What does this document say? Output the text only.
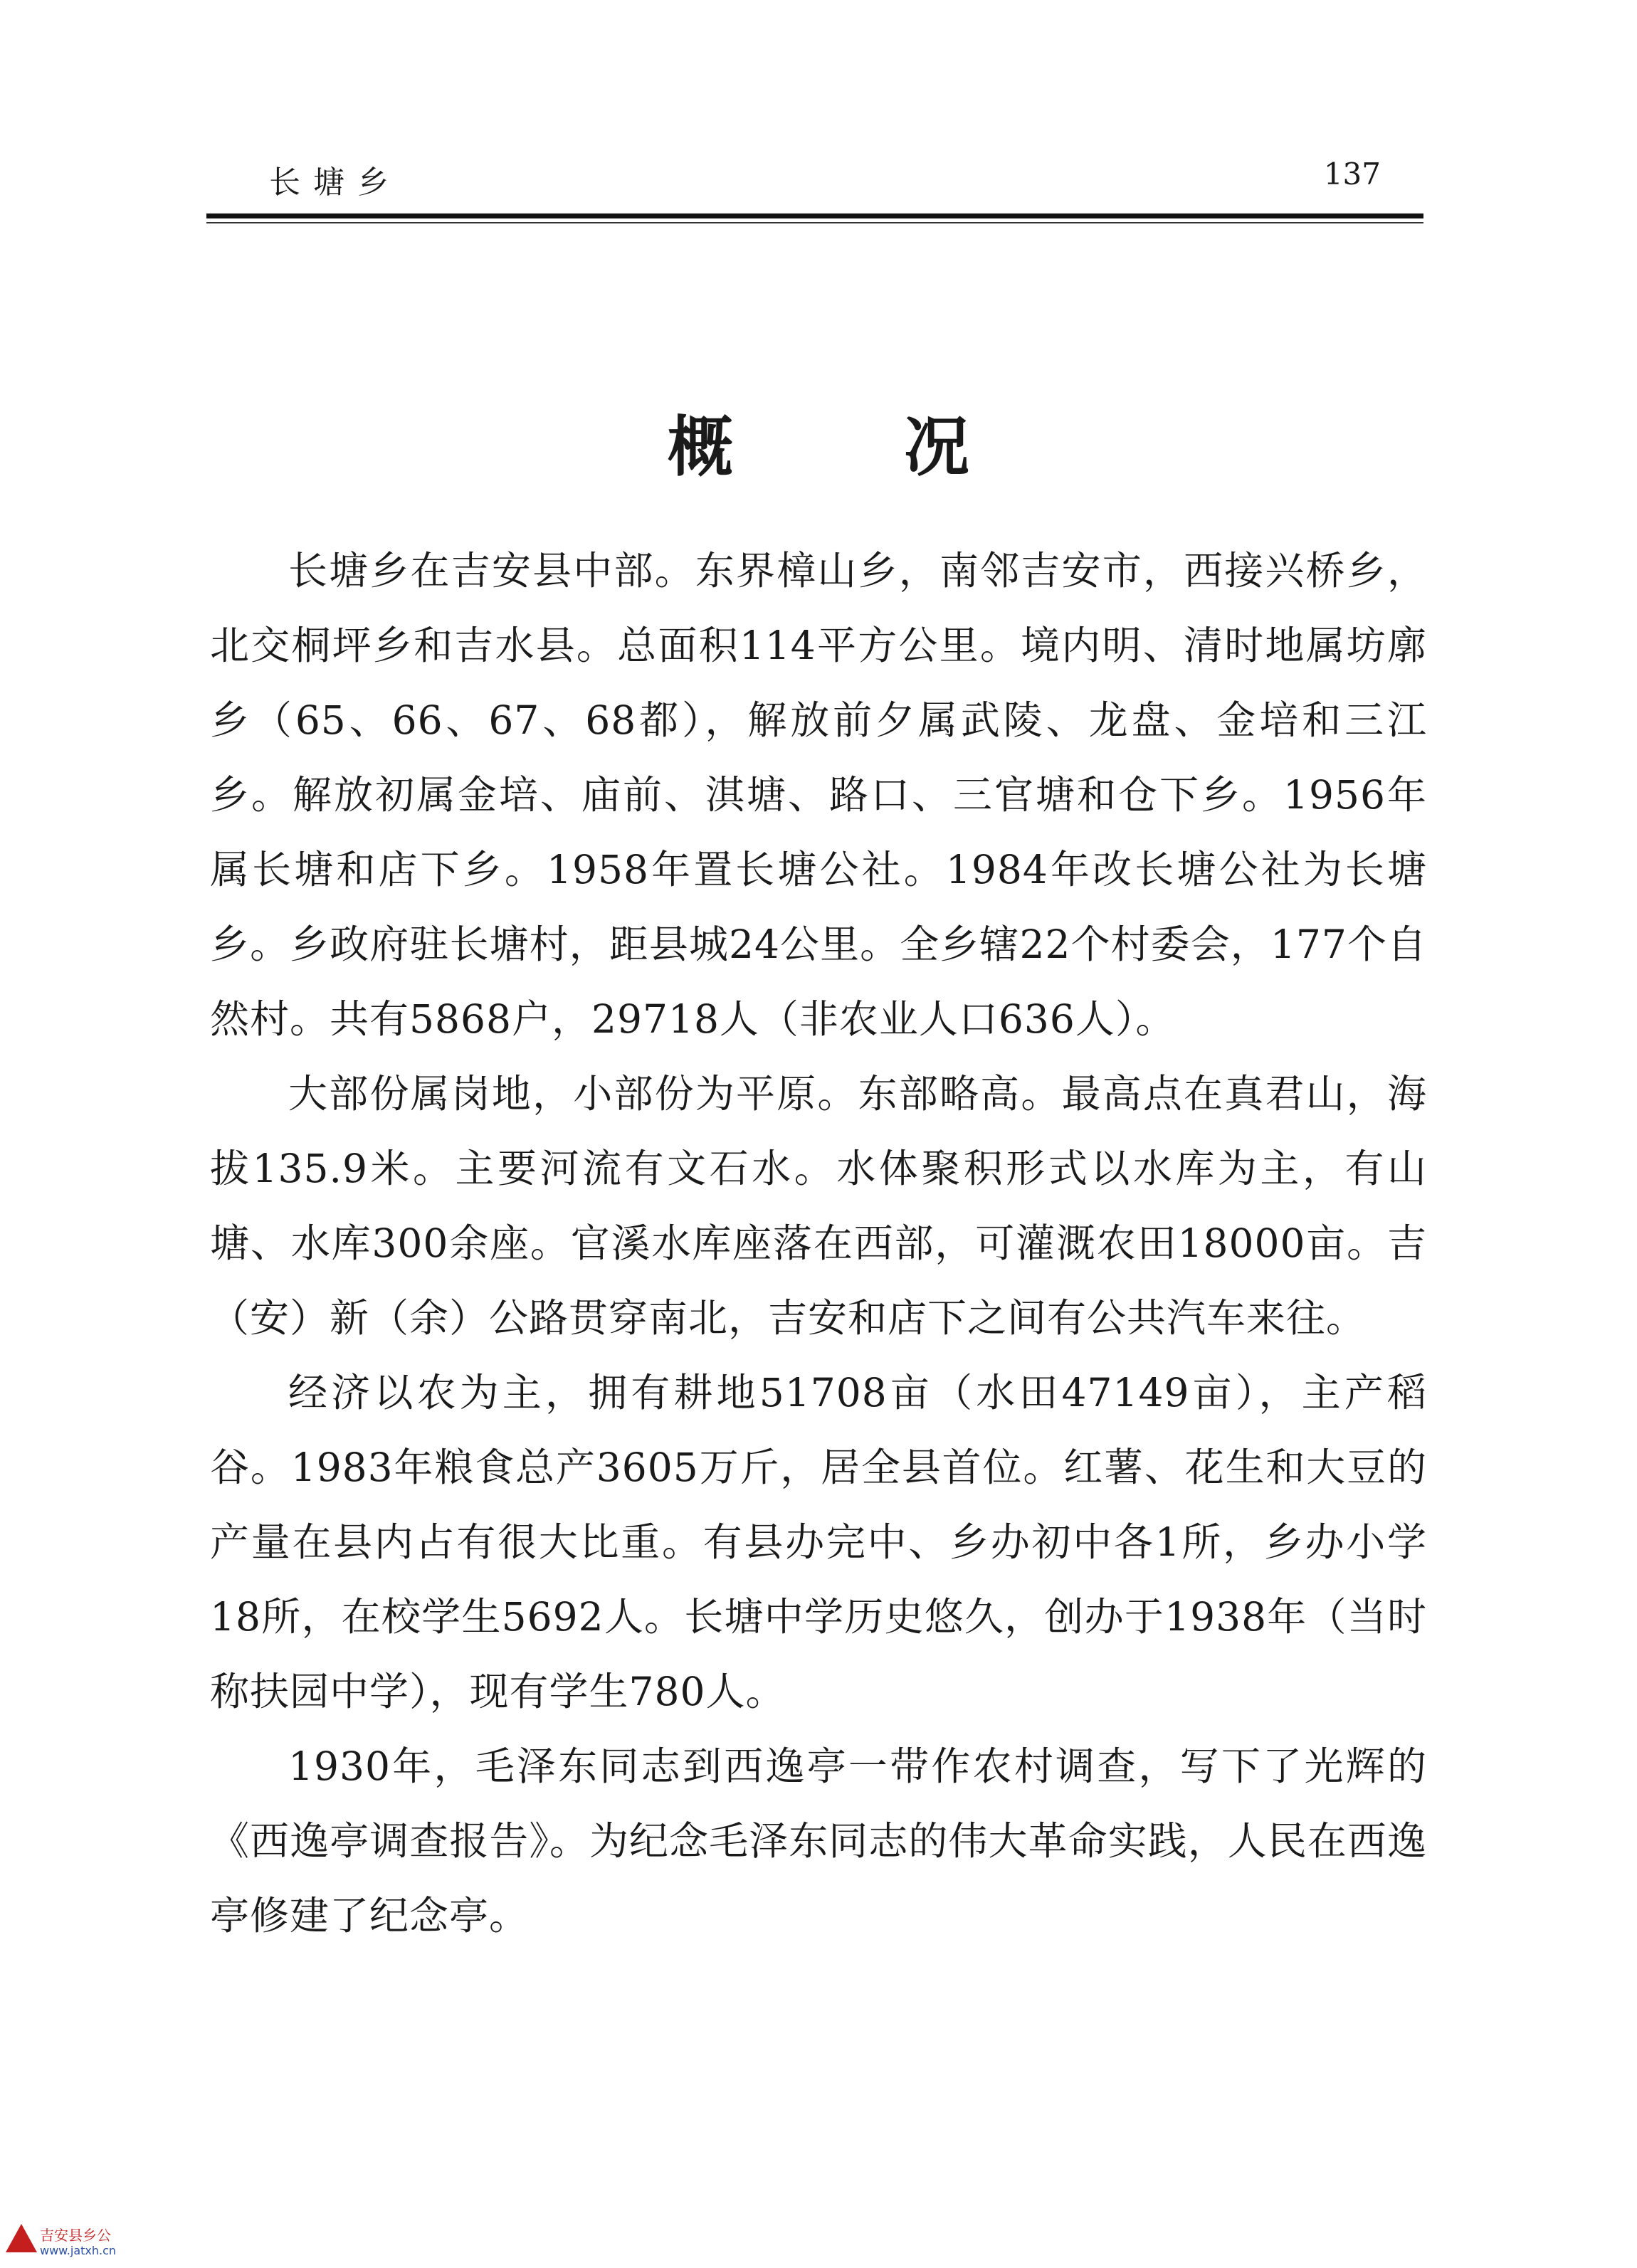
长塘乡	137
概况

长塘乡在吉安县中部。东界樟山乡，南邻吉安市，西接兴桥乡，北交桐坪乡和吉水县。总面积114平方公里。境内明、清时地属坊廓乡（65、66、67、68都），解放前夕属武陵、龙盘、金培和三江乡。解放初属金培、庙前、淇塘、路口、三官塘和仓下乡。1956年属长塘和店下乡。1958年置长塘公社。1984年改长塘公社为长塘乡。乡政府驻长塘村，距县城24公里。全乡辖22个村委会，177个自然村。共有5868户，29718人（非农业人口636人）。

大部份属岗地，小部份为平原。东部略高。最高点在真君山，海拔135.9米。主要河流有文石水。水体聚积形式以水库为主，有山塘、水库300余座。官溪水库座落在西部，可灌溉农田18000亩。吉（安）新（余）公路贯穿南北，吉安和店下之间有公共汽车来往。

经济以农为主，拥有耕地51708亩（水田47149亩），主产稻谷。1983年粮食总产3605万斤，居全县首位。红薯、花生和大豆的产量在县内占有很大比重。有县办完中、乡办初中各1所，乡办小学18所，在校学生5692人。长塘中学历史悠久，创办于1938年（当时称扶园中学），现有学生780人。

1930年，毛泽东同志到西逸亭一带作农村调查，写下了光辉的《西逸亭调查报告》。为纪念毛泽东同志的伟大革命实践，人民在西逸亭修建了纪念亭。

吉安县乡公
www.jatxh.cn
